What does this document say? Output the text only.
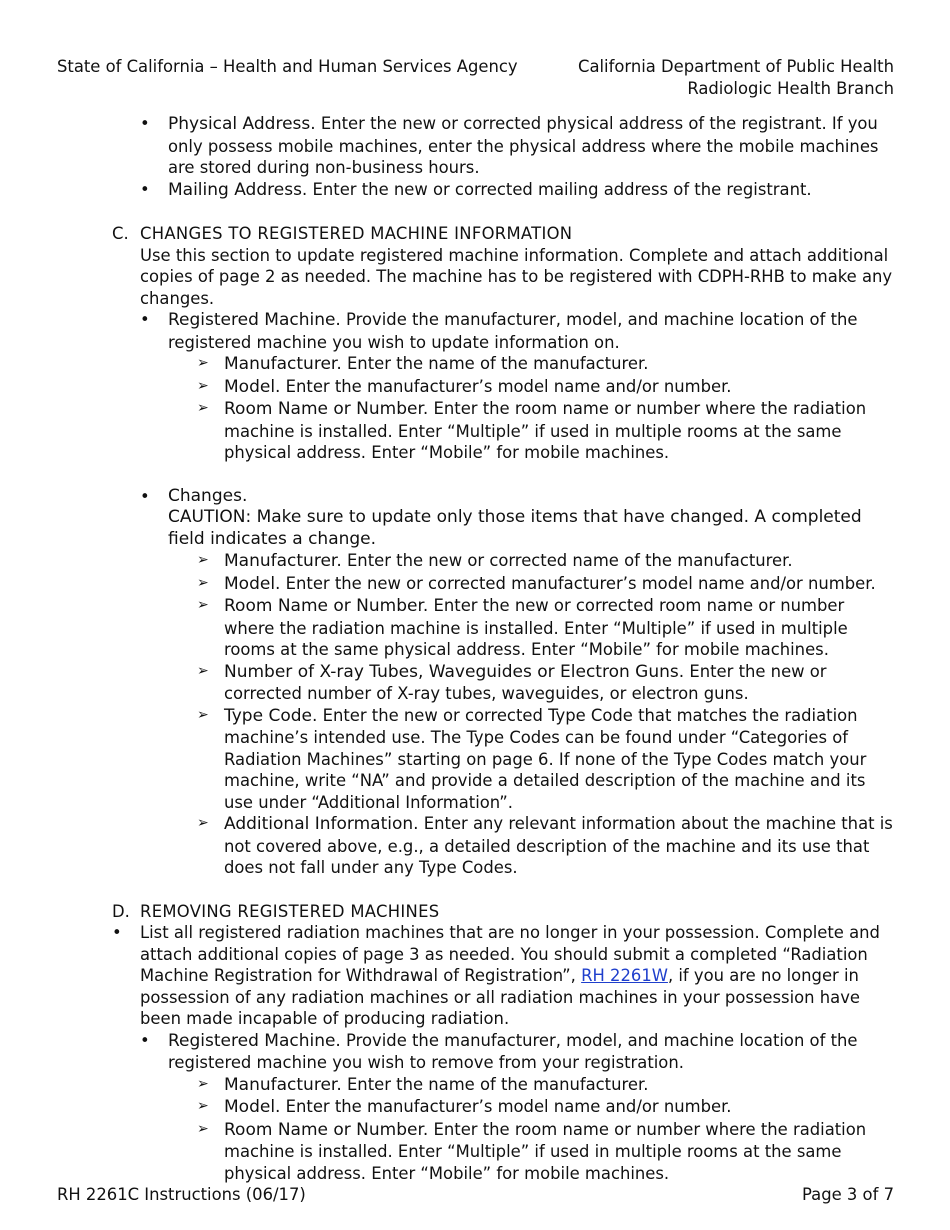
State of California – Health and Human Services Agency	California Department of Public Health
Radiologic Health Branch
• Physical Address. Enter the new or corrected physical address of the registrant. If you only possess mobile machines, enter the physical address where the mobile machines are stored during non-business hours.
• Mailing Address. Enter the new or corrected mailing address of the registrant.
C. CHANGES TO REGISTERED MACHINE INFORMATION
Use this section to update registered machine information. Complete and attach additional copies of page 2 as needed. The machine has to be registered with CDPH-RHB to make any changes.
• Registered Machine. Provide the manufacturer, model, and machine location of the registered machine you wish to update information on.
➢ Manufacturer. Enter the name of the manufacturer.
➢ Model. Enter the manufacturer’s model name and/or number.
➢ Room Name or Number. Enter the room name or number where the radiation machine is installed. Enter “Multiple” if used in multiple rooms at the same physical address. Enter “Mobile” for mobile machines.
• Changes.
CAUTION: Make sure to update only those items that have changed. A completed field indicates a change.
➢ Manufacturer. Enter the new or corrected name of the manufacturer.
➢ Model. Enter the new or corrected manufacturer’s model name and/or number.
➢ Room Name or Number. Enter the new or corrected room name or number where the radiation machine is installed. Enter “Multiple” if used in multiple rooms at the same physical address. Enter “Mobile” for mobile machines.
➢ Number of X-ray Tubes, Waveguides or Electron Guns. Enter the new or corrected number of X-ray tubes, waveguides, or electron guns.
➢ Type Code. Enter the new or corrected Type Code that matches the radiation machine’s intended use. The Type Codes can be found under “Categories of Radiation Machines” starting on page 6. If none of the Type Codes match your machine, write “NA” and provide a detailed description of the machine and its use under “Additional Information”.
➢ Additional Information. Enter any relevant information about the machine that is not covered above, e.g., a detailed description of the machine and its use that does not fall under any Type Codes.
D. REMOVING REGISTERED MACHINES
• List all registered radiation machines that are no longer in your possession. Complete and attach additional copies of page 3 as needed. You should submit a completed “Radiation Machine Registration for Withdrawal of Registration”, RH 2261W, if you are no longer in possession of any radiation machines or all radiation machines in your possession have been made incapable of producing radiation.
• Registered Machine. Provide the manufacturer, model, and machine location of the registered machine you wish to remove from your registration.
➢ Manufacturer. Enter the name of the manufacturer.
➢ Model. Enter the manufacturer’s model name and/or number.
➢ Room Name or Number. Enter the room name or number where the radiation machine is installed. Enter “Multiple” if used in multiple rooms at the same physical address. Enter “Mobile” for mobile machines.
RH 2261C Instructions (06/17)	Page 3 of 7
